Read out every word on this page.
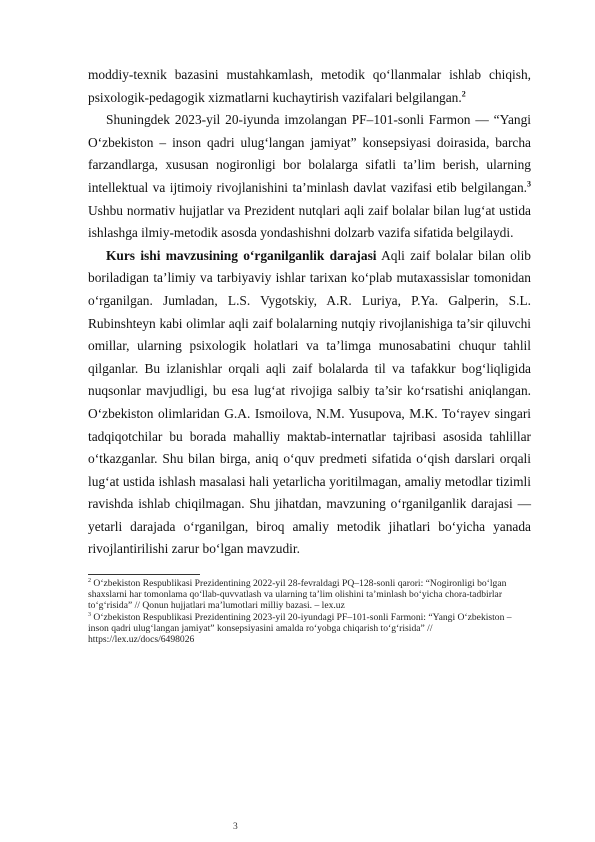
moddiy-texnik bazasini mustahkamlash, metodik qo‘llanmalar ishlab chiqish, psixologik-pedagogik xizmatlarni kuchaytirish vazifalari belgilangan.$^2$

Shuningdek 2023-yil 20-iyunda imzolangan PF–101-sonli Farmon — “Yangi O‘zbekiston – inson qadri ulug‘langan jamiyat” konsepsiyasi doirasida, barcha farzandlarga, xususan nogironligi bor bolalarga sifatli ta’lim berish, ularning intellektual va ijtimoiy rivojlanishini ta’minlash davlat vazifasi etib belgilangan.$^3$ Ushbu normativ hujjatlar va Prezident nutqlari aqli zaif bolalar bilan lug‘at ustida ishlashga ilmiy-metodik asosda yondashishni dolzarb vazifa sifatida belgilaydi.

Kurs ishi mavzusining o‘rganilganlik darajasi Aqli zaif bolalar bilan olib boriladigan ta’limiy va tarbiyaviy ishlar tarixan ko‘plab mutaxassislar tomonidan o‘rganilgan. Jumladan, L.S. Vygotskiy, A.R. Luriya, P.Ya. Galperin, S.L. Rubinshteyn kabi olimlar aqli zaif bolalarning nutqiy rivojlanishiga ta’sir qiluvchi omillar, ularning psixologik holatlari va ta’limga munosabatini chuqur tahlil qilganlar. Bu izlanishlar orqali aqli zaif bolalarda til va tafakkur bog‘liqligida nuqsonlar mavjudligi, bu esa lug‘at rivojiga salbiy ta’sir ko‘rsatishi aniqlangan. O‘zbekiston olimlaridan G.A. Ismoilova, N.M. Yusupova, M.K. To‘rayev singari tadqiqotchilar bu borada mahalliy maktab-internatlar tajribasi asosida tahlillar o‘tkazganlar. Shu bilan birga, aniq o‘quv predmeti sifatida o‘qish darslari orqali lug‘at ustida ishlash masalasi hali yetarlicha yoritilmagan, amaliy metodlar tizimli ravishda ishlab chiqilmagan. Shu jihatdan, mavzuning o‘rganilganlik darajasi — yetarli darajada o‘rganilgan, biroq amaliy metodik jihatlari bo‘yicha yanada rivojlantirilishi zarur bo‘lgan mavzudir.

$^2$ O‘zbekiston Respublikasi Prezidentining 2022-yil 28-fevraldagi PQ–128-sonli qarori: “Nogironligi bo‘lgan shaxslarni har tomonlama qo‘llab-quvvatlash va ularning ta’lim olishini ta’minlash bo‘yicha chora-tadbirlar to‘g‘risida” // Qonun hujjatlari ma’lumotlari milliy bazasi. – lex.uz

$^3$ O‘zbekiston Respublikasi Prezidentining 2023-yil 20-iyundagi PF–101-sonli Farmoni: “Yangi O‘zbekiston – inson qadri ulug‘langan jamiyat” konsepsiyasini amalda ro‘yobga chiqarish to‘g‘risida” // https://lex.uz/docs/6498026

3
